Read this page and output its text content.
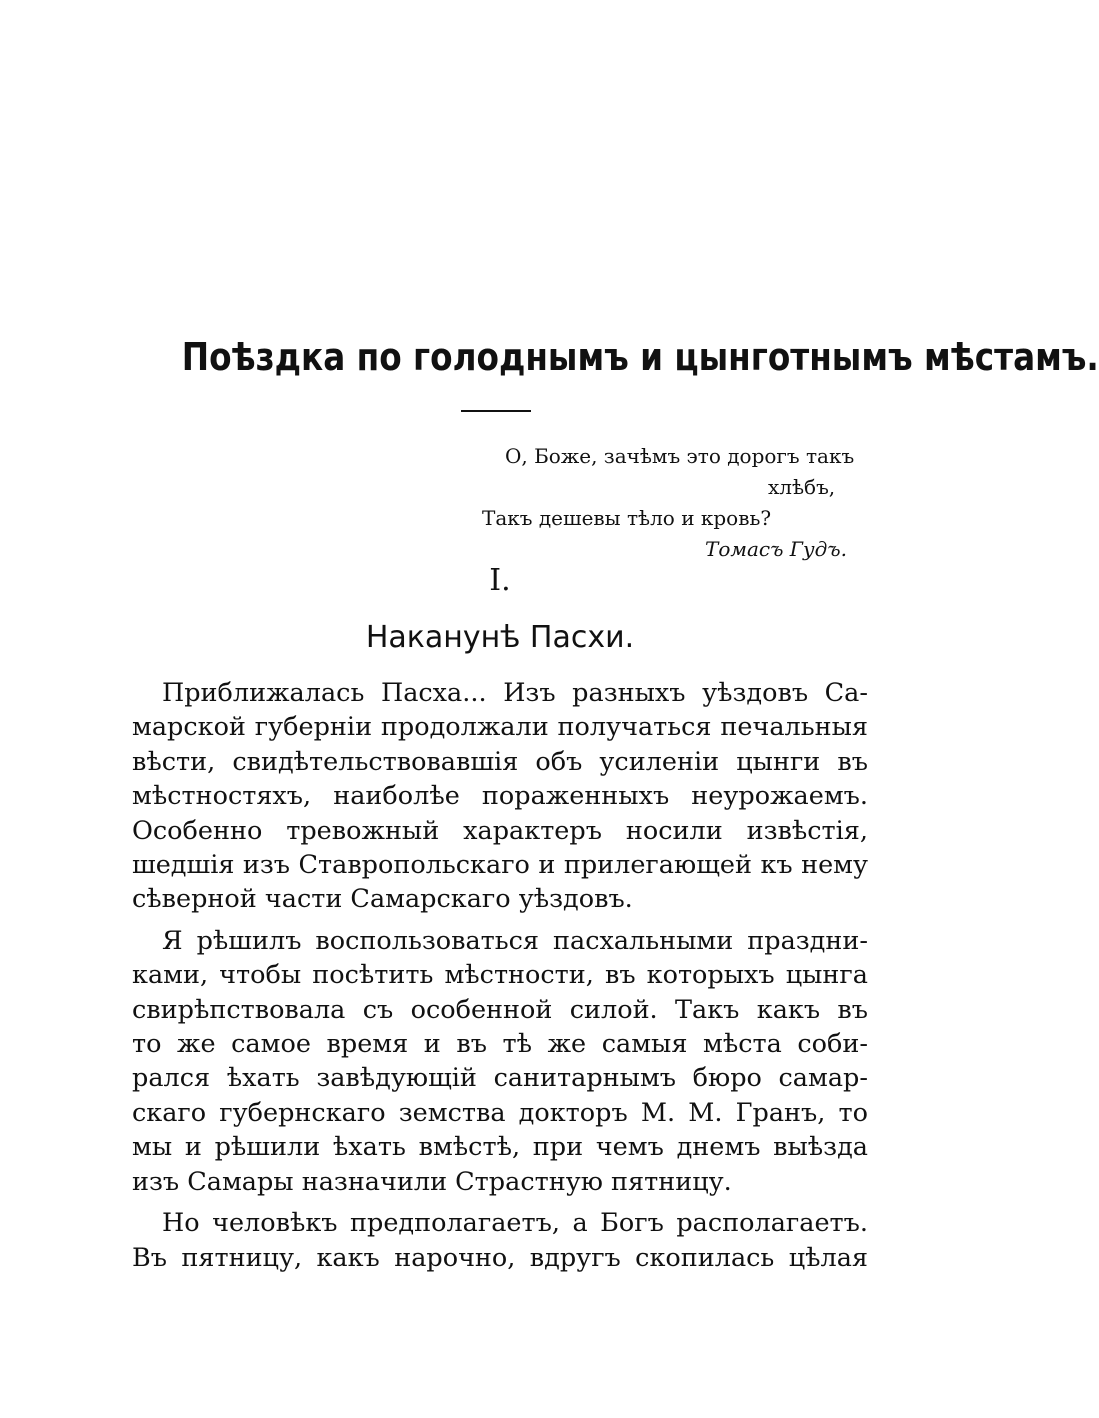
Поѣздка по голоднымъ и цынготнымъ мѣстамъ.
О, Боже, зачѣмъ это дорогъ такъ
хлѣбъ,
Такъ дешевы тѣло и кровь?
Томасъ Гудъ.
I.
Наканунѣ Пасхи.
Приближалась Пасха... Изъ разныхъ уѣздовъ Са-
марской губерніи продолжали получаться печальныя
вѣсти, свидѣтельствовавшія объ усиленіи цынги въ
мѣстностяхъ, наиболѣе пораженныхъ неурожаемъ.
Особенно тревожный характеръ носили извѣстія,
шедшія изъ Ставропольскаго и прилегающей къ нему
сѣверной части Самарскаго уѣздовъ.
Я рѣшилъ воспользоваться пасхальными праздни-
ками, чтобы посѣтить мѣстности, въ которыхъ цынга
свирѣпствовала съ особенной силой. Такъ какъ въ
то же самое время и въ тѣ же самыя мѣста соби-
рался ѣхать завѣдующій санитарнымъ бюро самар-
скаго губернскаго земства докторъ М. М. Гранъ, то
мы и рѣшили ѣхать вмѣстѣ, при чемъ днемъ выѣзда
изъ Самары назначили Страстную пятницу.
Но человѣкъ предполагаетъ, а Богъ располагаетъ.
Въ пятницу, какъ нарочно, вдругъ скопилась цѣлая
